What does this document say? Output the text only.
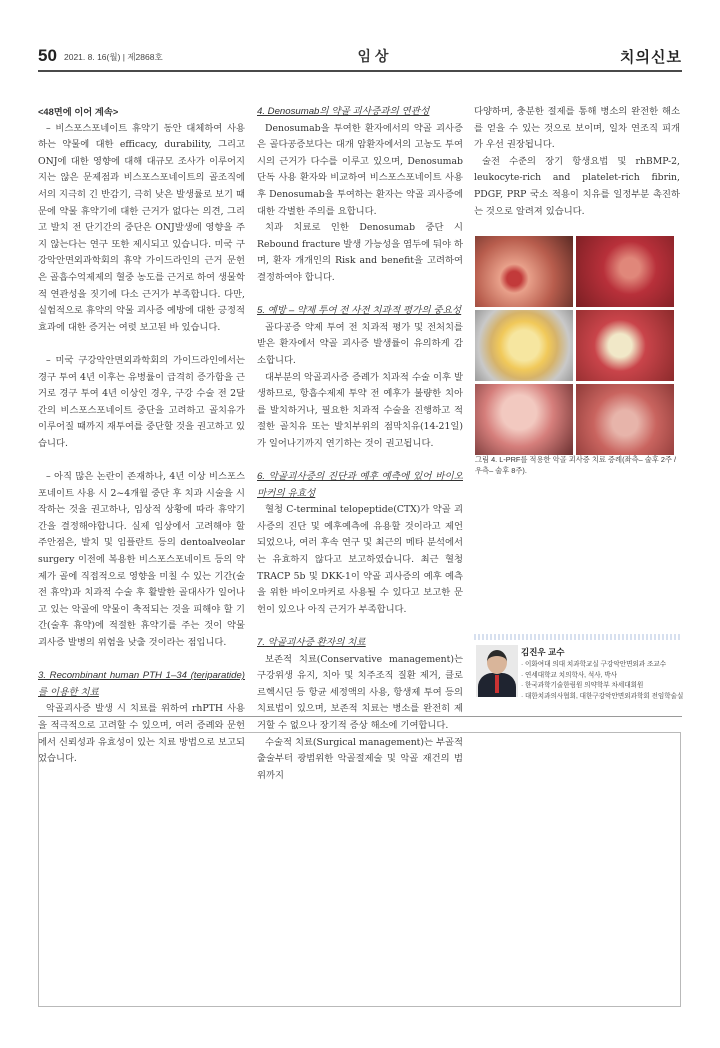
50 2021. 8. 16(월) | 제2868호	임 상	치의신보

<48면에 이어 계속>

– 비스포스포네이트 휴약기 동안 대체하여 사용하는 약물에 대한 efficacy, durability, 그리고 ONJ에 대한 영향에 대해 대규모 조사가 이루어지지는 않은 문제점과 비스포스포네이트의 골조직에서의 지극히 긴 반감기, 극히 낮은 발생률로 보기 때문에 약물 휴약기에 대한 근거가 없다는 의견, 그리고 발치 전 단기간의 중단은 ONJ발생에 영향을 주지 않는다는 연구 또한 제시되고 있습니다. 미국 구강악안면외과학회의 휴약 가이드라인의 근거 문헌은 골흡수억제제의 혈중 농도를 근거로 하여 생물학적 연관성을 짓기에 다소 근거가 부족합니다. 다만, 실험적으로 휴약의 약물 괴사증 예방에 대한 긍정적 효과에 대한 증거는 여럿 보고된 바 있습니다.

– 미국 구강악안면외과학회의 가이드라인에서는 경구 투여 4년 이후는 유병률이 급격히 증가함을 근거로 경구 투여 4년 이상인 경우, 구강 수술 전 2달간의 비스포스포네이트 중단을 고려하고 골치유가 이루어질 때까지 재투여를 중단할 것을 권고하고 있습니다.

– 아직 많은 논란이 존재하나, 4년 이상 비스포스포네이트 사용 시 2~4개월 중단 후 치과 시술을 시작하는 것을 권고하나, 임상적 상황에 따라 휴약기간을 결정해야합니다. 실제 임상에서 고려해야 할 주안점은, 발치 및 임플란트 등의 dentoalveolar surgery 이전에 복용한 비스포스포네이트 등의 약제가 골에 직접적으로 영향을 미칠 수 있는 기간(술전 휴약)과 치과적 수술 후 활발한 골대사가 일어나고 있는 악골에 약물이 축적되는 것을 피해야 할 기간(술후 휴약)에 적절한 휴약기를 주는 것이 약물 괴사증 발병의 위험을 낮출 것이라는 점입니다.

3. Recombinant human PTH 1–34 (teriparatide)를 이용한 치료

악골괴사증 발생 시 치료를 위하여 rhPTH 사용을 적극적으로 고려할 수 있으며, 여러 증례와 문헌에서 신뢰성과 유효성이 있는 치료 방법으로 보고되었습니다.

4. Denosumab의 약골 괴사증과의 연관성

Denosumab을 투여한 환자에서의 약골 괴사증은 골다공증보다는 대개 암환자에서의 고농도 투여 시의 근거가 다수를 이루고 있으며, Denosumab 단독 사용 환자와 비교하여 비스포스포네이트 사용 후 Denosumab을 투여하는 환자는 약골 괴사증에 대한 각별한 주의를 요합니다.

치과 치료로 인한 Denosumab 중단 시 Rebound fracture 발생 가능성을 염두에 둬야 하며, 환자 개개인의 Risk and benefit을 고려하여 결정하여야 합니다.

5. 예방 – 약제 투여 전 사전 치과적 평가의 중요성

골다공증 약제 투여 전 치과적 평가 및 전처치를 받은 환자에서 약골 괴사증 발생률이 유의하게 감소합니다.

대부분의 악골괴사증 증례가 치과적 수술 이후 발생하므로, 항흡수제제 투약 전 예후가 불량한 치아를 발치하거나, 필요한 치과적 수술을 진행하고 적절한 골치유 또는 발치부위의 점막치유(14-21일)가 일어나기까지 연기하는 것이 권고됩니다.

6. 악골괴사증의 진단과 예후 예측에 있어 바이오마커의 유효성

혈청 C-terminal telopeptide(CTX)가 약골 괴사증의 진단 및 예후예측에 유용할 것이라고 제언되었으나, 여러 후속 연구 및 최근의 메타 분석에서는 유효하지 않다고 보고하였습니다. 최근 혈청 TRACP 5b 및 DKK-1이 약골 괴사증의 예후 예측을 위한 바이오마커로 사용될 수 있다고 보고한 문헌이 있으나 아직 근거가 부족합니다.

7. 악골괴사증 환자의 치료

보존적 치료(Conservative management)는 구강위생 유지, 치아 및 치주조직 질환 제거, 클로르헥시딘 등 항균 세정액의 사용, 항생제 투여 등의 치료법이 있으며, 보존적 치료는 병소를 완전히 제거할 수 없으나 장기적 증상 해소에 기여합니다.

수술적 치료(Surgical management)는 부골적출술부터 광범위한 악골절제술 및 악골 재건의 범위까지

다양하며, 충분한 절제를 통해 병소의 완전한 해소를 얻을 수 있는 것으로 보이며, 일차 연조직 피개가 우선 권장됩니다.

술전 수준의 장기 항생요법 및 rhBMP-2, leukocyte-rich and platelet-rich fibrin, PDGF, PRP 국소 적용이 치유를 일정부분 촉진하는 것으로 알려져 있습니다.

그림 4. L-PRF를 적용한 악골 괴사증 치료 증례(좌측– 술후 2주 / 우측– 술후 8주).
김진우 교수
· 이화여대 의대 치과학교실 구강악안면외과 조교수
· 연세대학교 치의학사, 석사, 박사
· 한국과학기술한림원 의약학부 차세대회원
· 대한치과의사협회, 대한구강악안면외과학회 전임학술실
